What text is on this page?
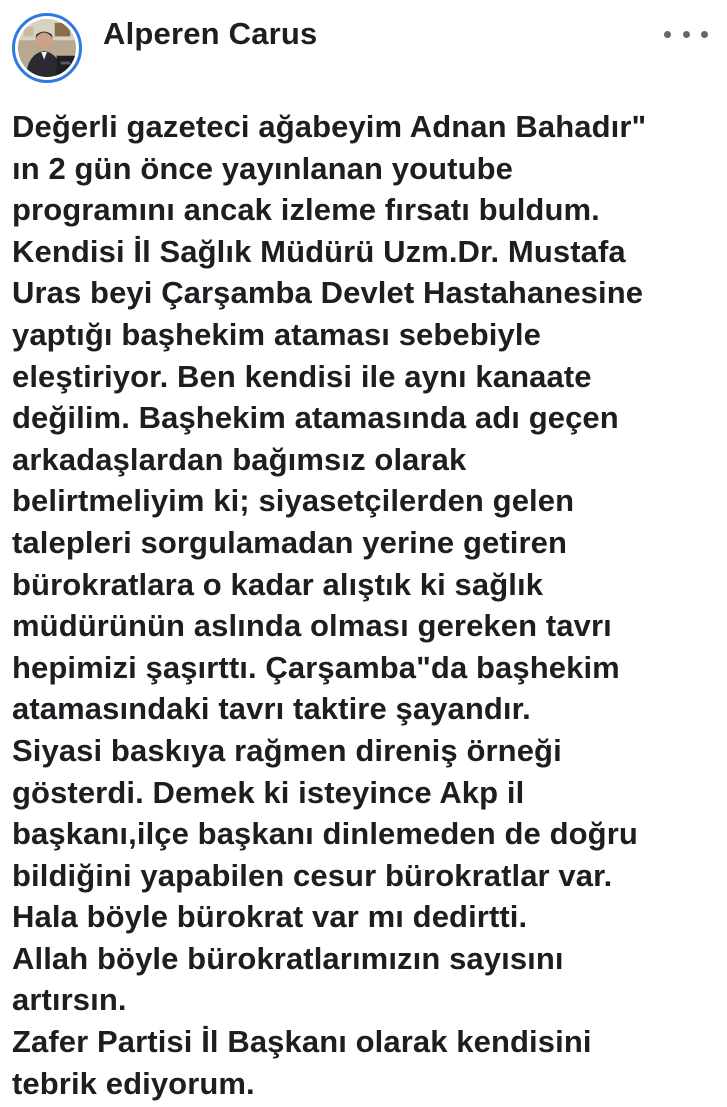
Alperen Carus
Değerli gazeteci ağabeyim Adnan Bahadırʺ
ın 2 gün önce yayınlanan youtube
programını ancak izleme fırsatı buldum.
Kendisi İl Sağlık Müdürü Uzm.Dr. Mustafa
Uras beyi Çarşamba Devlet Hastahanesine
yaptığı başhekim ataması sebebiyle
eleştiriyor. Ben kendisi ile aynı kanaate
değilim. Başhekim atamasında adı geçen
arkadaşlardan bağımsız olarak
belirtmeliyim ki; siyasetçilerden gelen
talepleri sorgulamadan yerine getiren
bürokratlara o kadar alıştık ki sağlık
müdürünün aslında olması gereken tavrı
hepimizi şaşırttı. Çarşambaʺda başhekim
atamasındaki tavrı taktire şayandır.
Siyasi baskıya rağmen direniş örneği
gösterdi. Demek ki isteyince Akp il
başkanı,ilçe başkanı dinlemeden de doğru
bildiğini yapabilen cesur bürokratlar var.
Hala böyle bürokrat var mı dedirtti.
Allah böyle bürokratlarımızın sayısını
artırsın.
Zafer Partisi İl Başkanı olarak kendisini
tebrik ediyorum.
